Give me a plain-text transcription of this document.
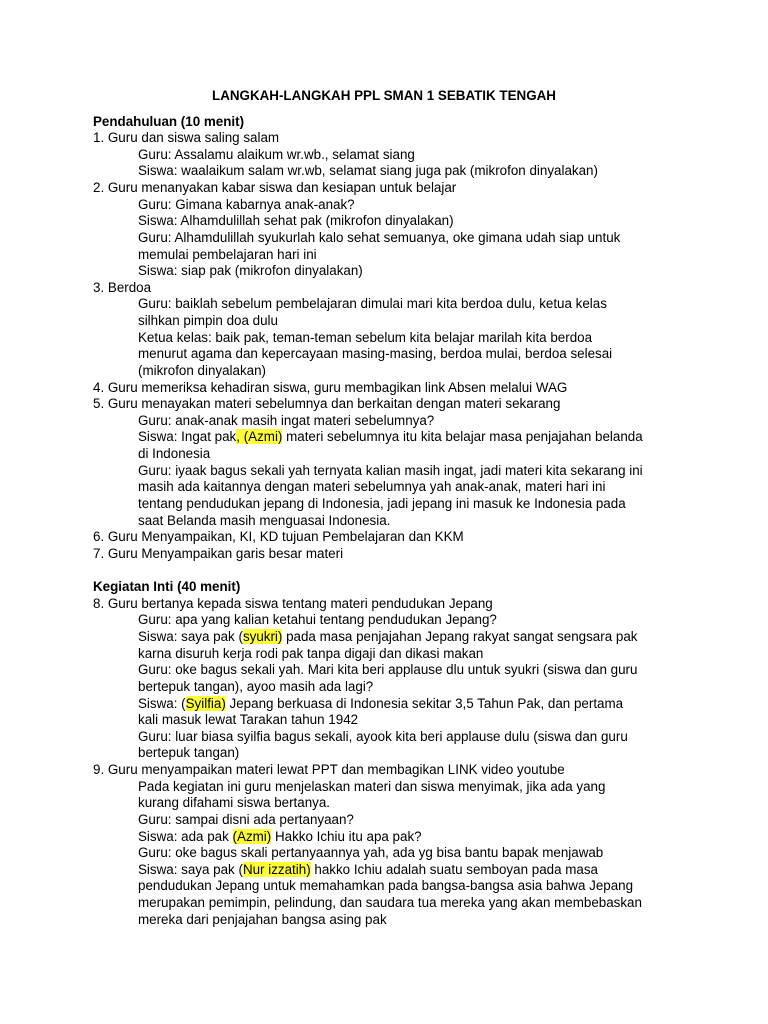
LANGKAH-LANGKAH PPL SMAN 1 SEBATIK TENGAH
Pendahuluan (10 menit)
1. Guru dan siswa saling salam
Guru: Assalamu alaikum wr.wb., selamat siang
Siswa: waalaikum salam wr.wb, selamat siang juga pak (mikrofon dinyalakan)
2. Guru menanyakan kabar siswa dan kesiapan untuk belajar
Guru: Gimana kabarnya anak-anak?
Siswa: Alhamdulillah sehat pak (mikrofon dinyalakan)
Guru: Alhamdulillah syukurlah kalo sehat semuanya, oke gimana udah siap untuk
memulai pembelajaran hari ini
Siswa: siap pak (mikrofon dinyalakan)
3. Berdoa
Guru: baiklah sebelum pembelajaran dimulai mari kita berdoa dulu, ketua kelas
silhkan pimpin doa dulu
Ketua kelas: baik pak, teman-teman sebelum kita belajar marilah kita berdoa
menurut agama dan kepercayaan masing-masing, berdoa mulai, berdoa selesai
(mikrofon dinyalakan)
4. Guru memeriksa kehadiran siswa, guru membagikan link Absen melalui WAG
5. Guru menayakan materi sebelumnya dan berkaitan dengan materi sekarang
Guru: anak-anak masih ingat materi sebelumnya?
Siswa: Ingat pak, (Azmi) materi sebelumnya itu kita belajar masa penjajahan belanda
di Indonesia
Guru: iyaak bagus sekali yah ternyata kalian masih ingat, jadi materi kita sekarang ini
masih ada kaitannya dengan materi sebelumnya yah anak-anak, materi hari ini
tentang pendudukan jepang di Indonesia, jadi jepang ini masuk ke Indonesia pada
saat Belanda masih menguasai Indonesia.
6. Guru Menyampaikan, KI, KD tujuan Pembelajaran dan KKM
7. Guru Menyampaikan garis besar materi
Kegiatan Inti (40 menit)
8. Guru bertanya kepada siswa tentang materi pendudukan Jepang
Guru: apa yang kalian ketahui tentang pendudukan Jepang?
Siswa: saya pak (syukri) pada masa penjajahan Jepang rakyat sangat sengsara pak
karna disuruh kerja rodi pak tanpa digaji dan dikasi makan
Guru: oke bagus sekali yah. Mari kita beri applause dlu untuk syukri (siswa dan guru
bertepuk tangan), ayoo masih ada lagi?
Siswa: (Syilfia) Jepang berkuasa di Indonesia sekitar 3,5 Tahun Pak, dan pertama
kali masuk lewat Tarakan tahun 1942
Guru: luar biasa syilfia bagus sekali, ayook kita beri applause dulu (siswa dan guru
bertepuk tangan)
9. Guru menyampaikan materi lewat PPT dan membagikan LINK video youtube
Pada kegiatan ini guru menjelaskan materi dan siswa menyimak, jika ada yang
kurang difahami siswa bertanya.
Guru: sampai disni ada pertanyaan?
Siswa: ada pak (Azmi) Hakko Ichiu itu apa pak?
Guru: oke bagus skali pertanyaannya yah, ada yg bisa bantu bapak menjawab
Siswa: saya pak (Nur izzatih) hakko Ichiu adalah suatu semboyan pada masa
pendudukan Jepang untuk memahamkan pada bangsa-bangsa asia bahwa Jepang
merupakan pemimpin, pelindung, dan saudara tua mereka yang akan membebaskan
mereka dari penjajahan bangsa asing pak
